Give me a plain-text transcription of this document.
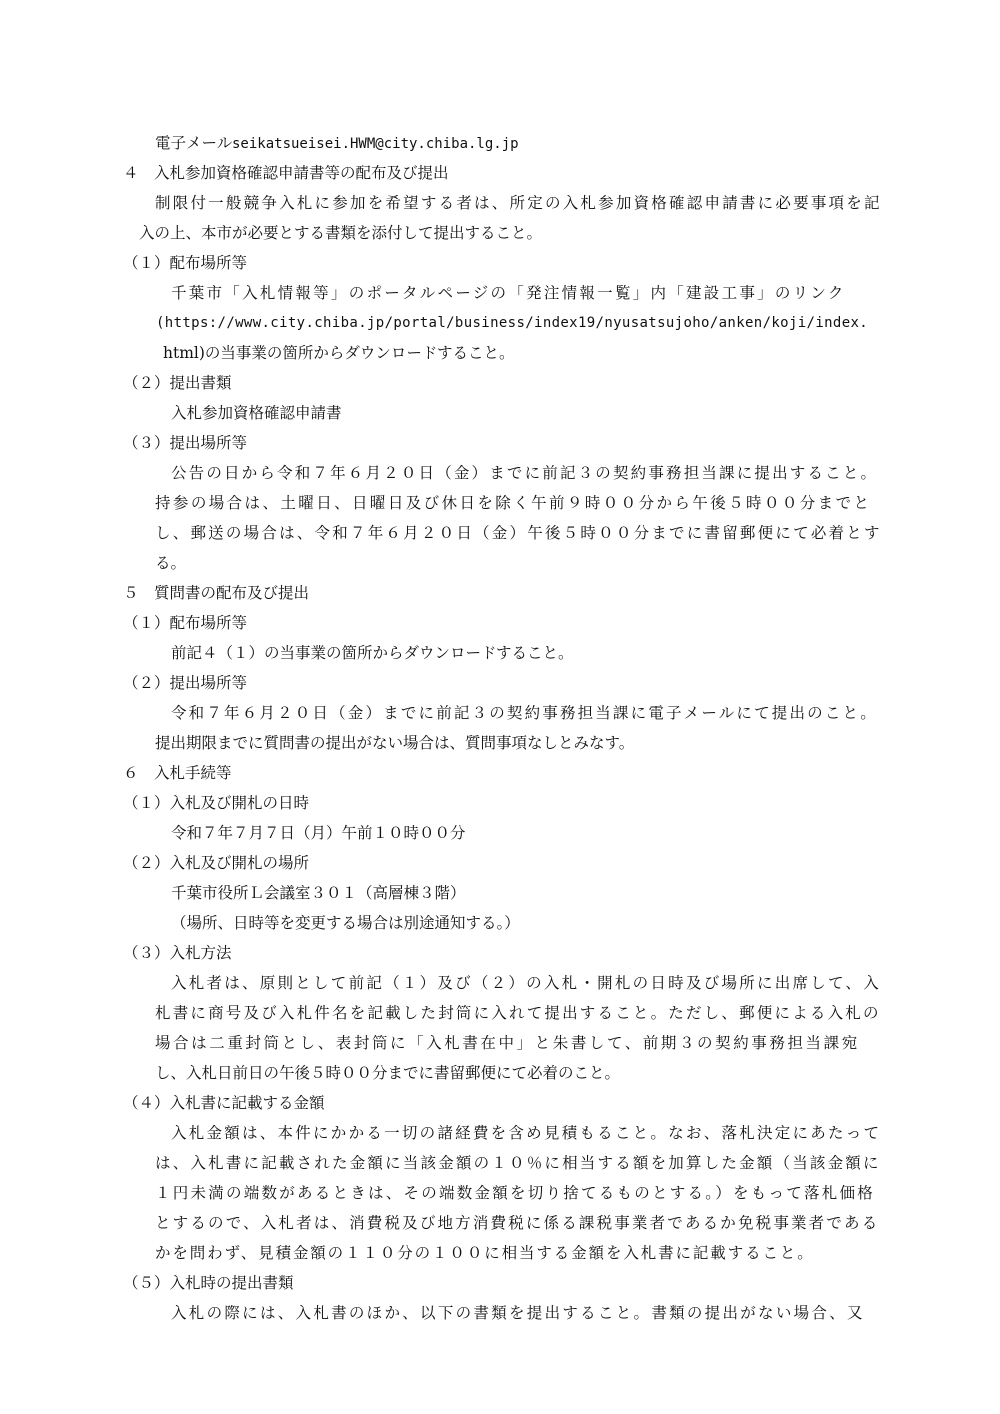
電子メール seikatsueisei.HWM@city.chiba.lg.jp
４　入札参加資格確認申請書等の配布及び提出
制限付一般競争入札に参加を希望する者は、所定の入札参加資格確認申請書に必要事項を記
入の上、本市が必要とする書類を添付して提出すること。
（１）配布場所等
千葉市「入札情報等」のポータルページの「発注情報一覧」内「建設工事」のリンク
(https://www.city.chiba.jp/portal/business/index19/nyusatsujoho/anken/koji/index.
html)の当事業の箇所からダウンロードすること。
（２）提出書類
入札参加資格確認申請書
（３）提出場所等
公告の日から令和７年６月２０日（金）までに前記３の契約事務担当課に提出すること。
持参の場合は、土曜日、日曜日及び休日を除く午前９時００分から午後５時００分までと
し、郵送の場合は、令和７年６月２０日（金）午後５時００分までに書留郵便にて必着とす
る。
５　質問書の配布及び提出
（１）配布場所等
前記４（１）の当事業の箇所からダウンロードすること。
（２）提出場所等
令和７年６月２０日（金）までに前記３の契約事務担当課に電子メールにて提出のこと。
提出期限までに質問書の提出がない場合は、質問事項なしとみなす。
６　入札手続等
（１）入札及び開札の日時
令和７年７月７日（月）午前１０時００分
（２）入札及び開札の場所
千葉市役所Ｌ会議室３０１（高層棟３階）
（場所、日時等を変更する場合は別途通知する。）
（３）入札方法
入札者は、原則として前記（１）及び（２）の入札・開札の日時及び場所に出席して、入
札書に商号及び入札件名を記載した封筒に入れて提出すること。ただし、郵便による入札の
場合は二重封筒とし、表封筒に「入札書在中」と朱書して、前期３の契約事務担当課宛
し、入札日前日の午後５時００分までに書留郵便にて必着のこと。
（４）入札書に記載する金額
入札金額は、本件にかかる一切の諸経費を含め見積もること。なお、落札決定にあたって
は、入札書に記載された金額に当該金額の１０％に相当する額を加算した金額（当該金額に
１円未満の端数があるときは、その端数金額を切り捨てるものとする。）をもって落札価格
とするので、入札者は、消費税及び地方消費税に係る課税事業者であるか免税事業者である
かを問わず、見積金額の１１０分の１００に相当する金額を入札書に記載すること。
（５）入札時の提出書類
入札の際には、入札書のほか、以下の書類を提出すること。書類の提出がない場合、又
